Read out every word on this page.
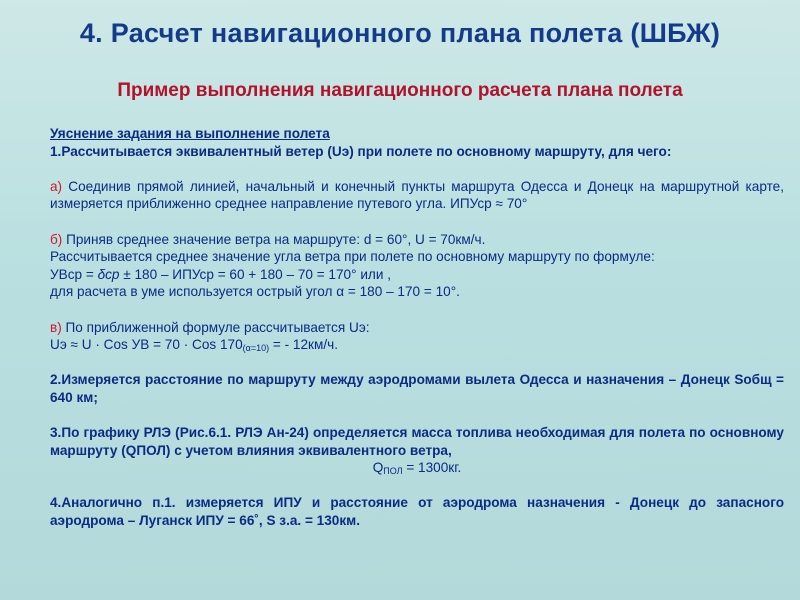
4. Расчет навигационного плана полета (ШБЖ)
Пример выполнения навигационного расчета плана полета

Уяснение задания на выполнение полета

1.Рассчитывается эквивалентный ветер (Uэ) при полете по основному маршруту, для чего:

а) Соединив прямой линией, начальный и конечный пункты маршрута Одесса и Донецк на маршрутной карте, измеряется приближенно среднее направление путевого угла. ИПУср ≈ 70°

б) Приняв среднее значение ветра на маршруте: d = 60°, U = 70км/ч.

Рассчитывается среднее значение угла ветра при полете по основному маршруту по формуле:

УВср = δср ± 180 – ИПУср = 60 + 180 – 70 = 170° или ,

для расчета в уме используется острый угол α = 180 – 170 = 10°.

в) По приближенной формуле рассчитывается Uэ:

Uэ ≈ U · Cos УВ = 70 · Cos $170_{(\alpha=10)}$ = - 12км/ч.

2.Измеряется расстояние по маршруту между аэродромами вылета Одесса и назначения – Донецк Sобщ = 640 км;

3.По графику РЛЭ (Рис.6.1. РЛЭ Ан-24) определяется масса топлива необходимая для полета по основному маршруту (QПОЛ) с учетом влияния эквивалентного ветра,

$Q_{ПОЛ} = 1300кг$.

4.Аналогично п.1. измеряется ИПУ и расстояние от аэродрома назначения - Донецк до запасного аэродрома – Луганск ИПУ = 66˚, S з.а. = 130км.
